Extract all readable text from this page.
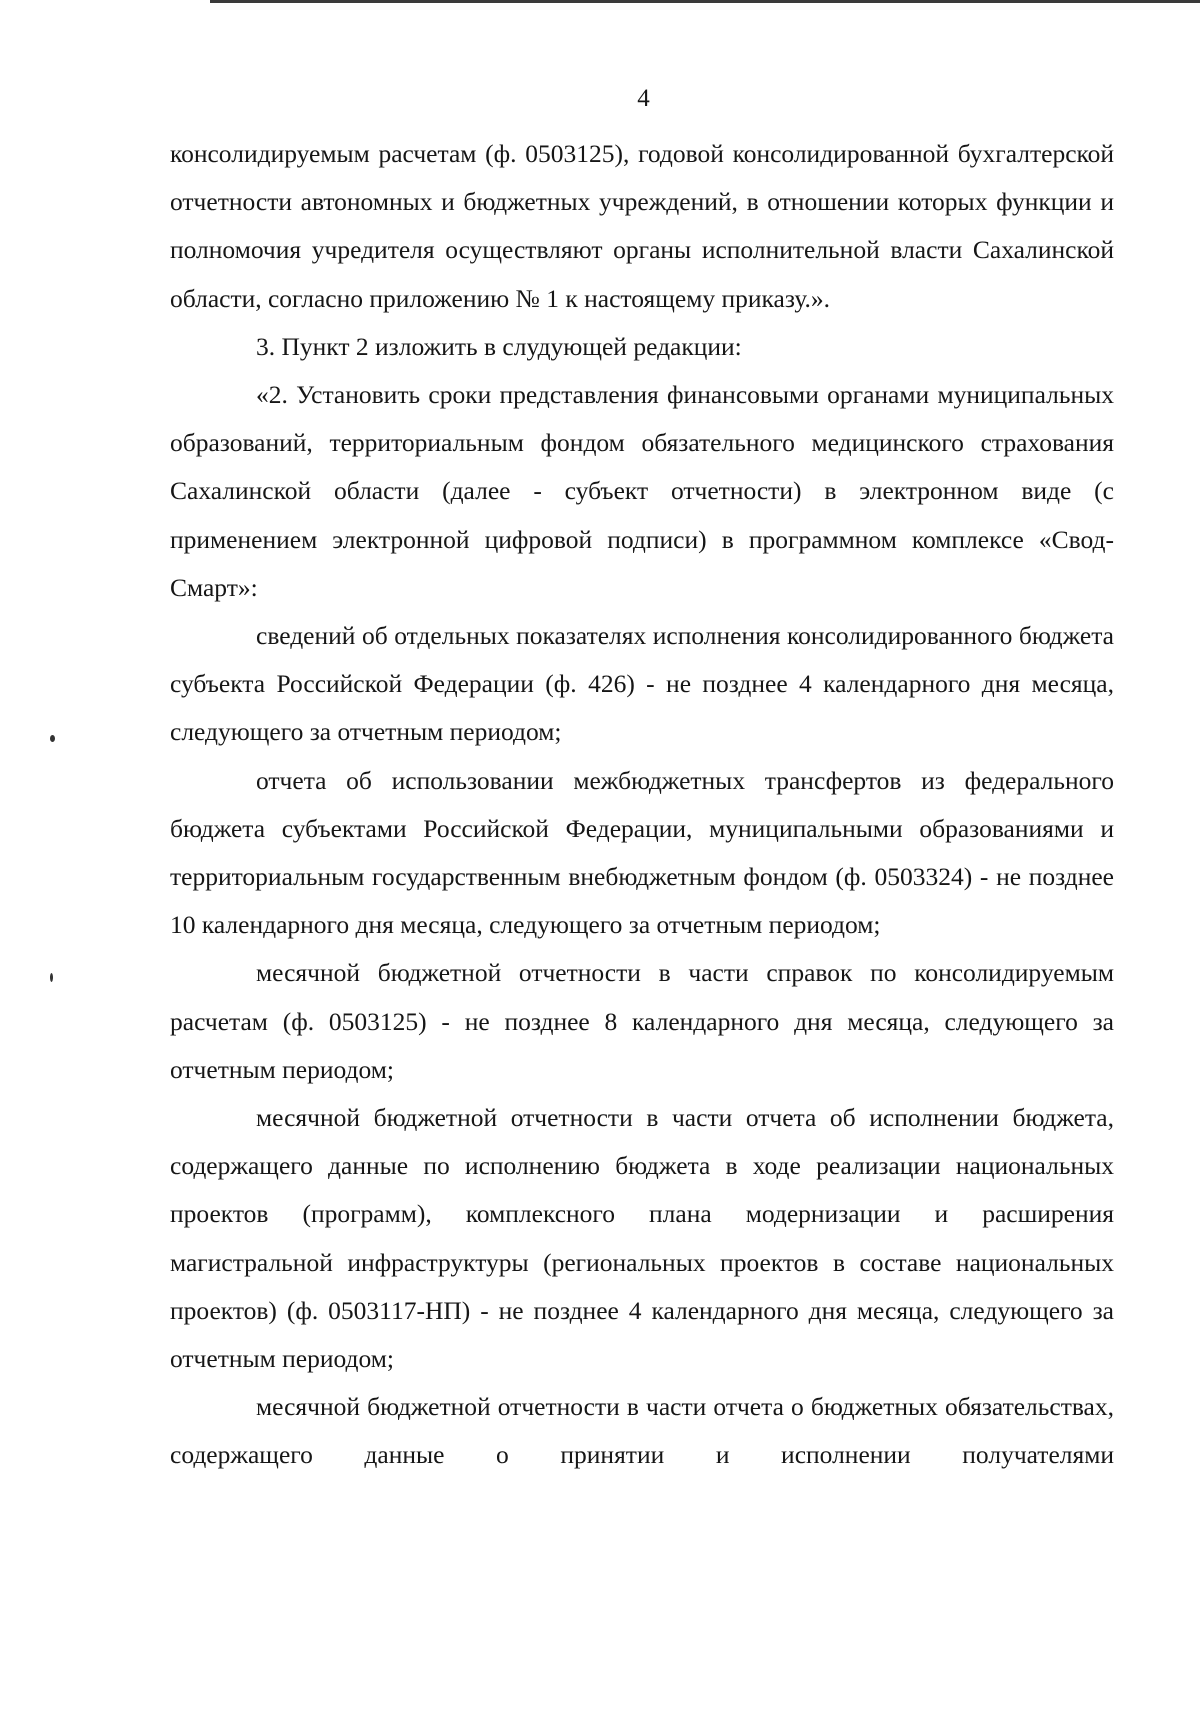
4

консолидируемым расчетам (ф. 0503125), годовой консолидированной бухгалтерской отчетности автономных и бюджетных учреждений, в отношении которых функции и полномочия учредителя осуществляют органы исполнительной власти Сахалинской области, согласно приложению № 1 к настоящему приказу.».

3. Пункт 2 изложить в слудующей редакции:

«2. Установить сроки представления финансовыми органами муниципальных образований, территориальным фондом обязательного медицинского страхования Сахалинской области (далее - субъект отчетности) в электронном виде (с применением электронной цифровой подписи) в программном комплексе «Свод-Смарт»:

сведений об отдельных показателях исполнения консолидированного бюджета субъекта Российской Федерации (ф. 426) - не позднее 4 календарного дня месяца, следующего за отчетным периодом;

отчета об использовании межбюджетных трансфертов из федерального бюджета субъектами Российской Федерации, муниципальными образованиями и территориальным государственным внебюджетным фондом (ф. 0503324) - не позднее 10 календарного дня месяца, следующего за отчетным периодом;

месячной бюджетной отчетности в части справок по консолидируемым расчетам (ф. 0503125) - не позднее 8 календарного дня месяца, следующего за отчетным периодом;

месячной бюджетной отчетности в части отчета об исполнении бюджета, содержащего данные по исполнению бюджета в ходе реализации национальных проектов (программ), комплексного плана модернизации и расширения магистральной инфраструктуры (региональных проектов в составе национальных проектов) (ф. 0503117-НП) - не позднее 4 календарного дня месяца, следующего за отчетным периодом;

месячной бюджетной отчетности в части отчета о бюджетных обязательствах, содержащего данные о принятии и исполнении получателями
